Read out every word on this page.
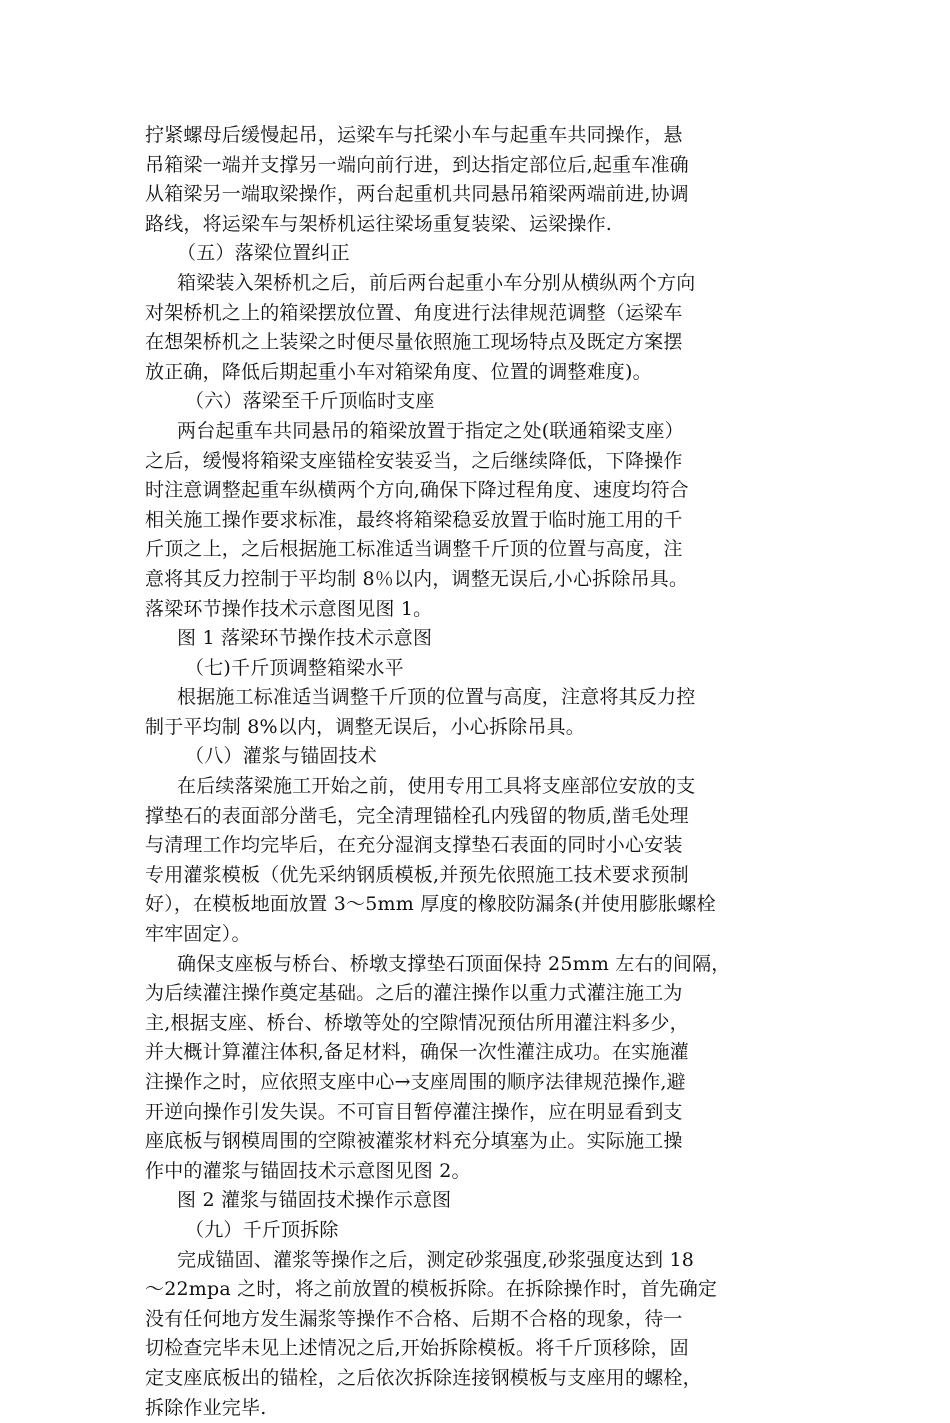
拧紧螺母后缓慢起吊，运梁车与托梁小车与起重车共同操作，悬
吊箱梁一端并支撑另一端向前行进，到达指定部位后,起重车准确
从箱梁另一端取梁操作，两台起重机共同悬吊箱梁两端前进,协调
路线，将运梁车与架桥机运往梁场重复装梁、运梁操作.
（五）落梁位置纠正
箱梁装入架桥机之后，前后两台起重小车分别从横纵两个方向
对架桥机之上的箱梁摆放位置、角度进行法律规范调整（运梁车
在想架桥机之上装梁之时便尽量依照施工现场特点及既定方案摆
放正确，降低后期起重小车对箱梁角度、位置的调整难度)。
（六）落梁至千斤顶临时支座
两台起重车共同悬吊的箱梁放置于指定之处(联通箱梁支座）
之后，缓慢将箱梁支座锚栓安装妥当，之后继续降低，下降操作
时注意调整起重车纵横两个方向,确保下降过程角度、速度均符合
相关施工操作要求标准，最终将箱梁稳妥放置于临时施工用的千
斤顶之上，之后根据施工标准适当调整千斤顶的位置与高度，注
意将其反力控制于平均制 8％以内，调整无误后,小心拆除吊具。
落梁环节操作技术示意图见图 1。
图 1 落梁环节操作技术示意图
（七)千斤顶调整箱梁水平
根据施工标准适当调整千斤顶的位置与高度，注意将其反力控
制于平均制 8%以内，调整无误后，小心拆除吊具。
（八）灌浆与锚固技术
在后续落梁施工开始之前，使用专用工具将支座部位安放的支
撑垫石的表面部分凿毛，完全清理锚栓孔内残留的物质,凿毛处理
与清理工作均完毕后，在充分湿润支撑垫石表面的同时小心安装
专用灌浆模板（优先采纳钢质模板,并预先依照施工技术要求预制
好），在模板地面放置 3～5mm 厚度的橡胶防漏条(并使用膨胀螺栓
牢牢固定）。
确保支座板与桥台、桥墩支撑垫石顶面保持 25mm 左右的间隔，
为后续灌注操作奠定基础。之后的灌注操作以重力式灌注施工为
主,根据支座、桥台、桥墩等处的空隙情况预估所用灌注料多少，
并大概计算灌注体积,备足材料，确保一次性灌注成功。在实施灌
注操作之时，应依照支座中心→支座周围的顺序法律规范操作,避
开逆向操作引发失误。不可盲目暂停灌注操作，应在明显看到支
座底板与钢模周围的空隙被灌浆材料充分填塞为止。实际施工操
作中的灌浆与锚固技术示意图见图 2。
图 2 灌浆与锚固技术操作示意图
（九）千斤顶拆除
完成锚固、灌浆等操作之后，测定砂浆强度,砂浆强度达到 18
～22mpa 之时，将之前放置的模板拆除。在拆除操作时，首先确定
没有任何地方发生漏浆等操作不合格、后期不合格的现象，待一
切检查完毕未见上述情况之后,开始拆除模板。将千斤顶移除，固
定支座底板出的锚栓，之后依次拆除连接钢模板与支座用的螺栓，
拆除作业完毕.
